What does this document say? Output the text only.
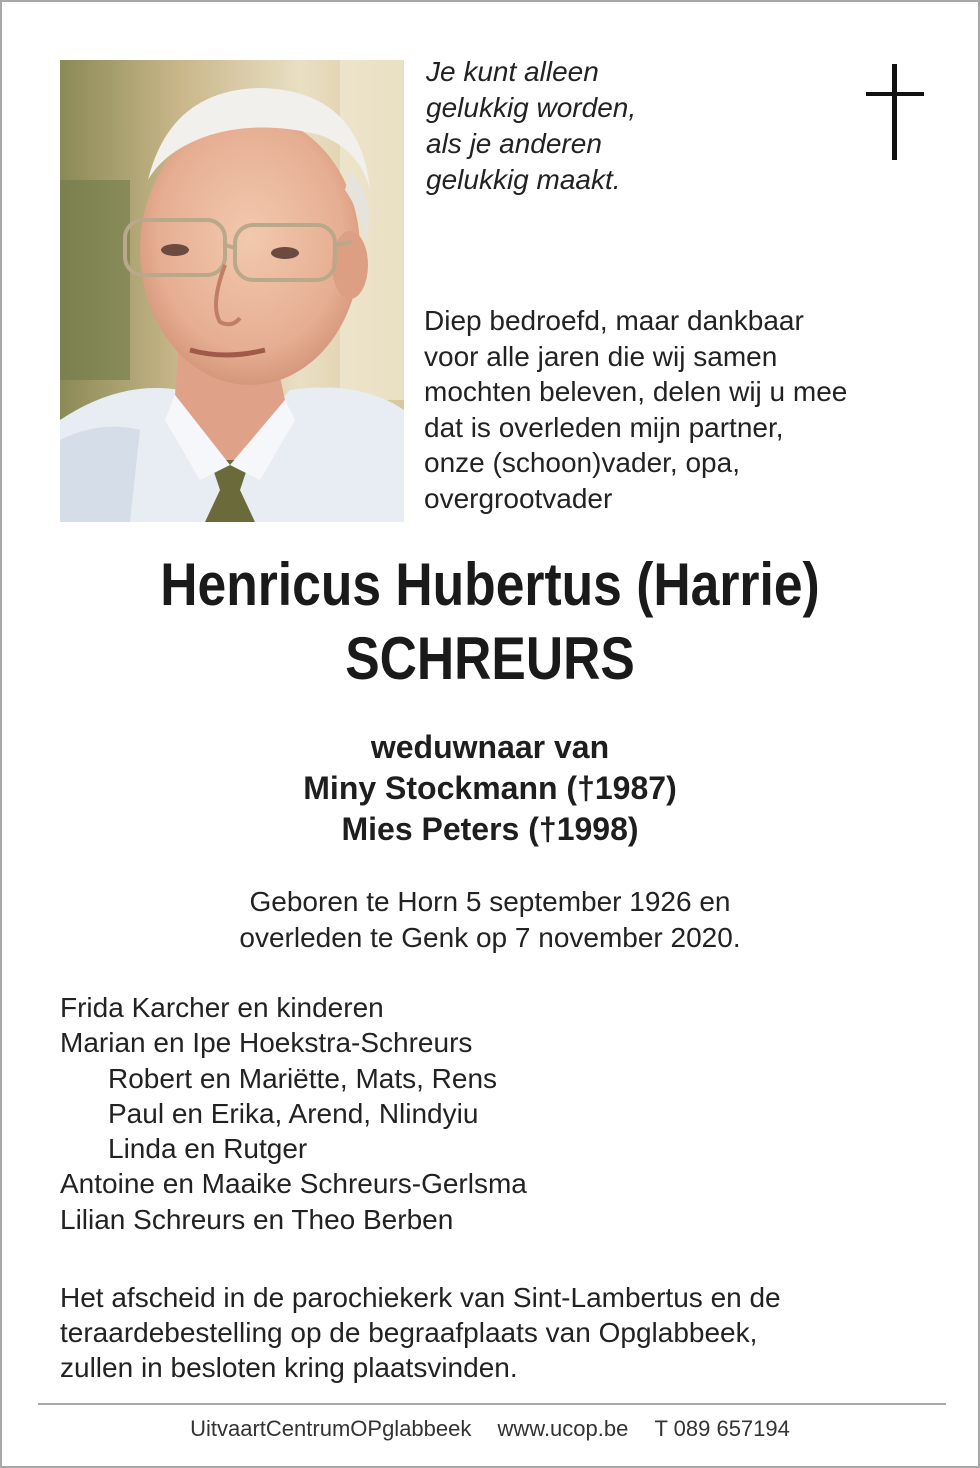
Je kunt alleen
gelukkig worden,
als je anderen
gelukkig maakt.
Diep bedroefd, maar dankbaar
voor alle jaren die wij samen
mochten beleven, delen wij u mee
dat is overleden mijn partner,
onze (schoon)vader, opa,
overgrootvader
Henricus Hubertus (Harrie)
SCHREURS
weduwnaar van
Miny Stockmann (†1987)
Mies Peters (†1998)
Geboren te Horn 5 september 1926 en
overleden te Genk op 7 november 2020.
Frida Karcher en kinderen
Marian en Ipe Hoekstra-Schreurs
Robert en Mariëtte, Mats, Rens
Paul en Erika, Arend, Nlindyiu
Linda en Rutger
Antoine en Maaike Schreurs-Gerlsma
Lilian Schreurs en Theo Berben
Het afscheid in de parochiekerk van Sint-Lambertus en de
teraardebestelling op de begraafplaats van Opglabbeek,
zullen in besloten kring plaatsvinden.
UitvaartCentrumOPglabbeek www.ucop.be T 089 657194
